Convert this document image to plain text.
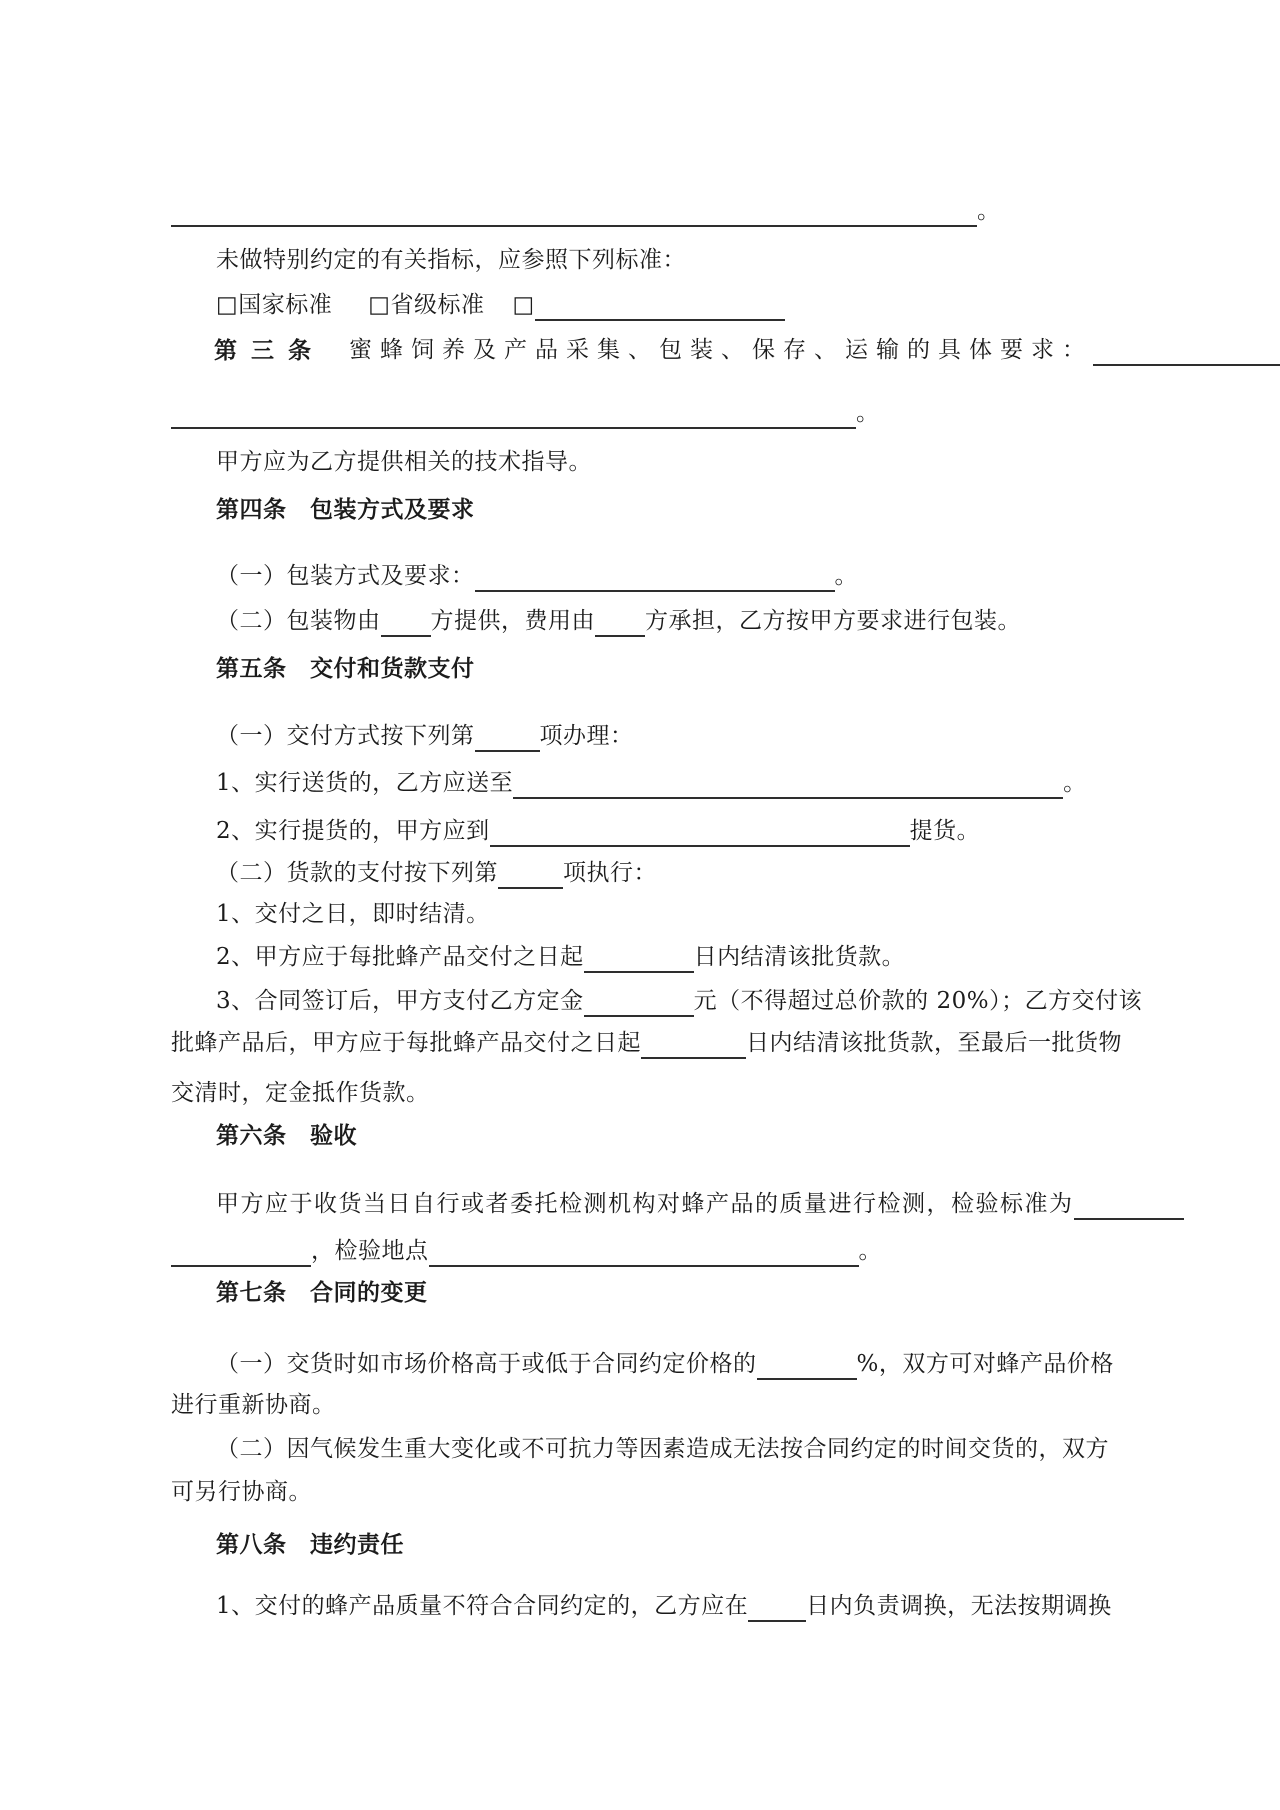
。
未做特别约定的有关指标，应参照下列标准：
□国家标准 □省级标准 □
第三条 蜜蜂饲养及产品采集、包装、保存、运输的具体要求：
。
甲方应为乙方提供相关的技术指导。
第四条　包装方式及要求
（一）包装方式及要求：	。
（二）包装物由 方提供，费用由 方承担，乙方按甲方要求进行包装。
第五条　交付和货款支付
（一）交付方式按下列第	项办理：
1、实行送货的，乙方应送至	。
2、实行提货的，甲方应到	提货。
（二）货款的支付按下列第	项执行：
1、交付之日，即时结清。
2、甲方应于每批蜂产品交付之日起	日内结清该批货款。
3、合同签订后，甲方支付乙方定金	元（不得超过总价款的 20%）；乙方交付该
批蜂产品后，甲方应于每批蜂产品交付之日起	日内结清该批货款，至最后一批货物
交清时，定金抵作货款。
第六条　验收
甲方应于收货当日自行或者委托检测机构对蜂产品的质量进行检测，检验标准为
，检验地点	。
第七条　合同的变更
（一）交货时如市场价格高于或低于合同约定价格的	%，双方可对蜂产品价格
进行重新协商。
（二）因气候发生重大变化或不可抗力等因素造成无法按合同约定的时间交货的，双方
可另行协商。
第八条　违约责任
1、交付的蜂产品质量不符合合同约定的，乙方应在	日内负责调换，无法按期调换
